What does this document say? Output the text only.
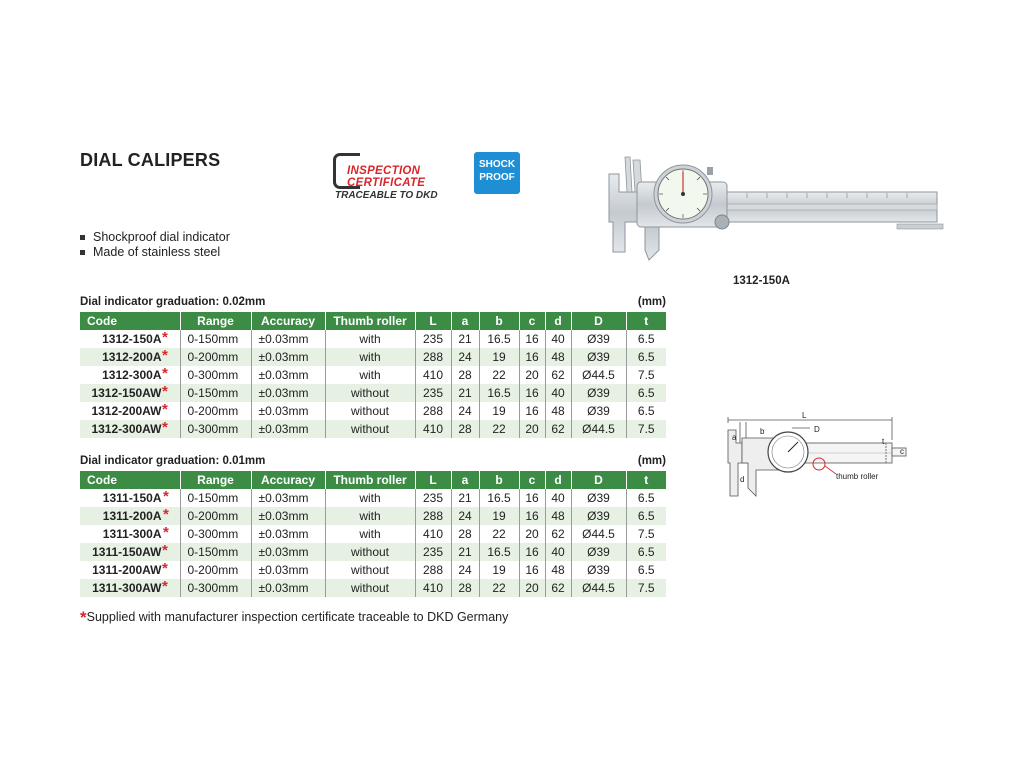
DIAL CALIPERS
INSPECTION
CERTIFICATE
TRACEABLE TO DKD
SHOCK
PROOF
Shockproof dial indicator
Made of stainless steel
1312-150A
Dial indicator graduation: 0.02mm	(mm)
Code	Range	Accuracy	Thumb roller	L	a	b	c	d	D	t
1312-150A *	0-150mm	±0.03mm	with	235	21	16.5	16	40	Ø39	6.5
1312-200A *	0-200mm	±0.03mm	with	288	24	19	16	48	Ø39	6.5
1312-300A *	0-300mm	±0.03mm	with	410	28	22	20	62	Ø44.5	7.5
1312-150AW *	0-150mm	±0.03mm	without	235	21	16.5	16	40	Ø39	6.5
1312-200AW *	0-200mm	±0.03mm	without	288	24	19	16	48	Ø39	6.5
1312-300AW *	0-300mm	±0.03mm	without	410	28	22	20	62	Ø44.5	7.5
Dial indicator graduation: 0.01mm	(mm)
Code	Range	Accuracy	Thumb roller	L	a	b	c	d	D	t
1311-150A *	0-150mm	±0.03mm	with	235	21	16.5	16	40	Ø39	6.5
1311-200A *	0-200mm	±0.03mm	with	288	24	19	16	48	Ø39	6.5
1311-300A *	0-300mm	±0.03mm	with	410	28	22	20	62	Ø44.5	7.5
1311-150AW *	0-150mm	±0.03mm	without	235	21	16.5	16	40	Ø39	6.5
1311-200AW *	0-200mm	±0.03mm	without	288	24	19	16	48	Ø39	6.5
1311-300AW *	0-300mm	±0.03mm	without	410	28	22	20	62	Ø44.5	7.5
*Supplied with manufacturer inspection certificate traceable to DKD Germany
L
D
b
a
d
t
c
thumb roller
